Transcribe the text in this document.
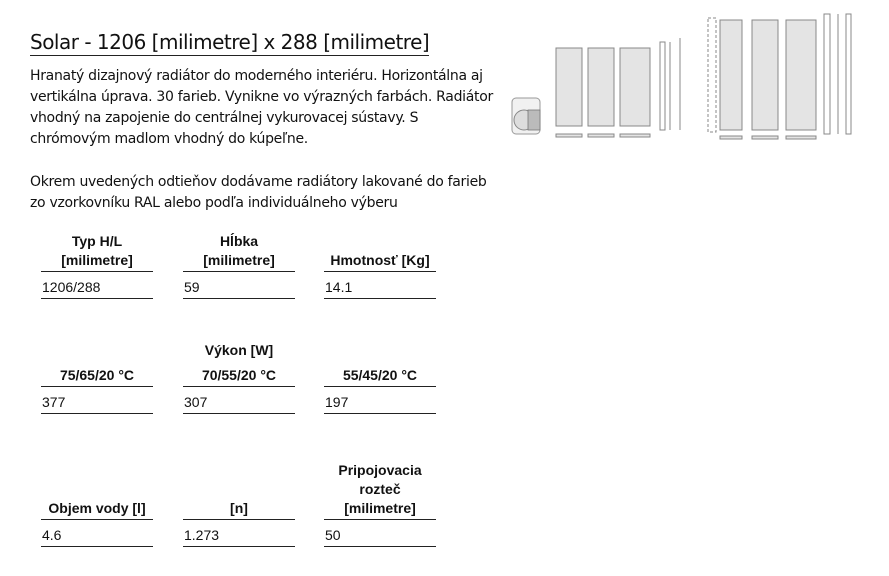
Solar - 1206 [milimetre] x 288 [milimetre]

Hranatý dizajnový radiátor do moderného interiéru. Horizontálna aj vertikálna úprava. 30 farieb. Vynikne vo výrazných farbách. Radiátor vhodný na zapojenie do centrálnej vykurovacej sústavy. S chrómovým madlom vhodný do kúpeľne.

Okrem uvedených odtieňov dodávame radiátory lakované do farieb zo vzorkovníku RAL alebo podľa individuálneho výberu

Typ H/L
[milimetre]
1206/288
Hĺbka
[milimetre]
59
Hmotnosť [Kg]
14.1
Výkon [W]
75/65/20 °C
377
70/55/20 °C
307
55/45/20 °C
197
Objem vody [l]
4.6
[n]
1.273
Pripojovacia
rozteč
[milimetre]
50
